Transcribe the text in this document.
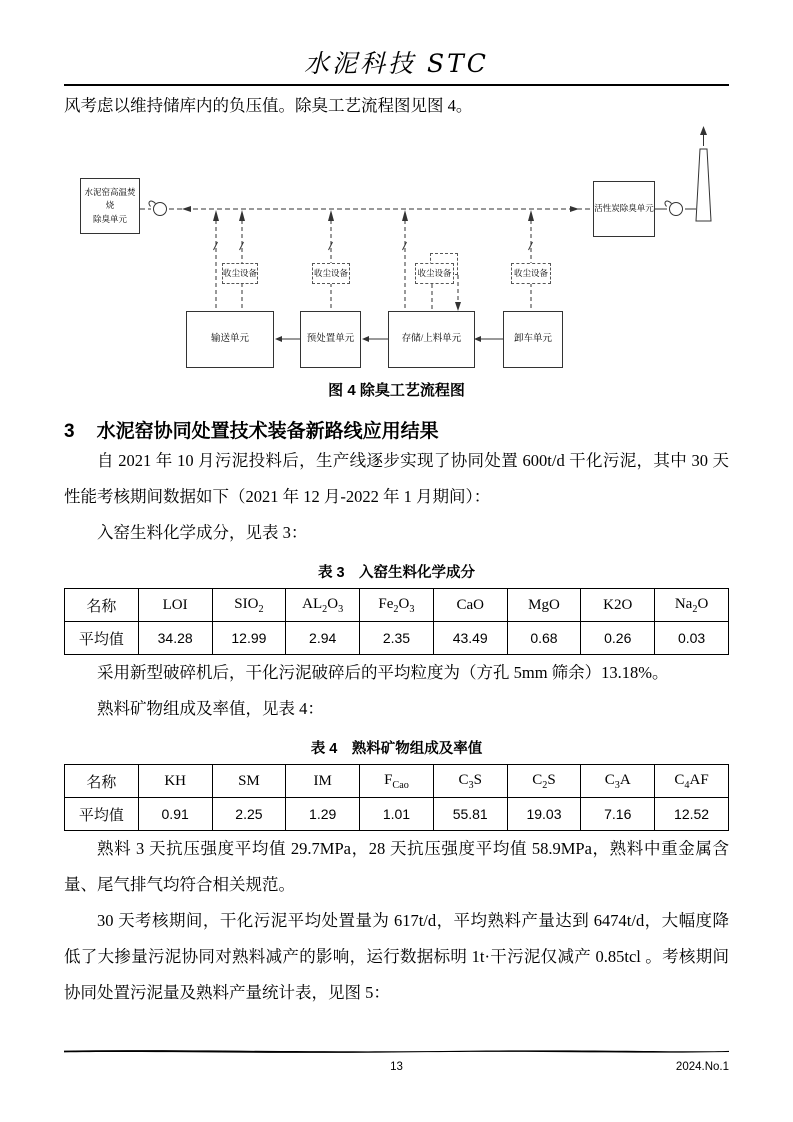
水泥科技 STC

风考虑以维持储库内的负压值。除臭工艺流程图见图 4。

水泥窑高温焚烧
除臭单元
收尘设备	收尘设备	收尘设备	收尘设备
输送单元	预处置单元	存储/上料单元	卸车单元
活性炭除臭单元
图 4 除臭工艺流程图
3 水泥窑协同处置技术装备新路线应用结果

自 2021 年 10 月污泥投料后，生产线逐步实现了协同处置 600t/d 干化污泥，其中 30 天性能考核期间数据如下（2021 年 12 月-2022 年 1 月期间）：

入窑生料化学成分，见表 3：

表 3　入窑生料化学成分
名称	LOI	$SIO_2$	$AL_2O_3$	$Fe_2O_3$	CaO	MgO	K2O	$Na_2O$
平均值	34.28	12.99	2.94	2.35	43.49	0.68	0.26	0.03

采用新型破碎机后，干化污泥破碎后的平均粒度为（方孔 5mm 筛余）13.18%。

熟料矿物组成及率值，见表 4：

表 4　熟料矿物组成及率值
名称	KH	SM	IM	$F_{Cao}$	$C_3S$	$C_2S$	$C_3A$	$C_4AF$
平均值	0.91	2.25	1.29	1.01	55.81	19.03	7.16	12.52

熟料 3 天抗压强度平均值 29.7MPa，28 天抗压强度平均值 58.9MPa，熟料中重金属含量、尾气排气均符合相关规范。

30 天考核期间，干化污泥平均处置量为 617t/d，平均熟料产量达到 6474t/d，大幅度降低了大掺量污泥协同对熟料减产的影响，运行数据标明 1t·干污泥仅减产 0.85tcl 。考核期间协同处置污泥量及熟料产量统计表，见图 5：

13	2024.No.1
